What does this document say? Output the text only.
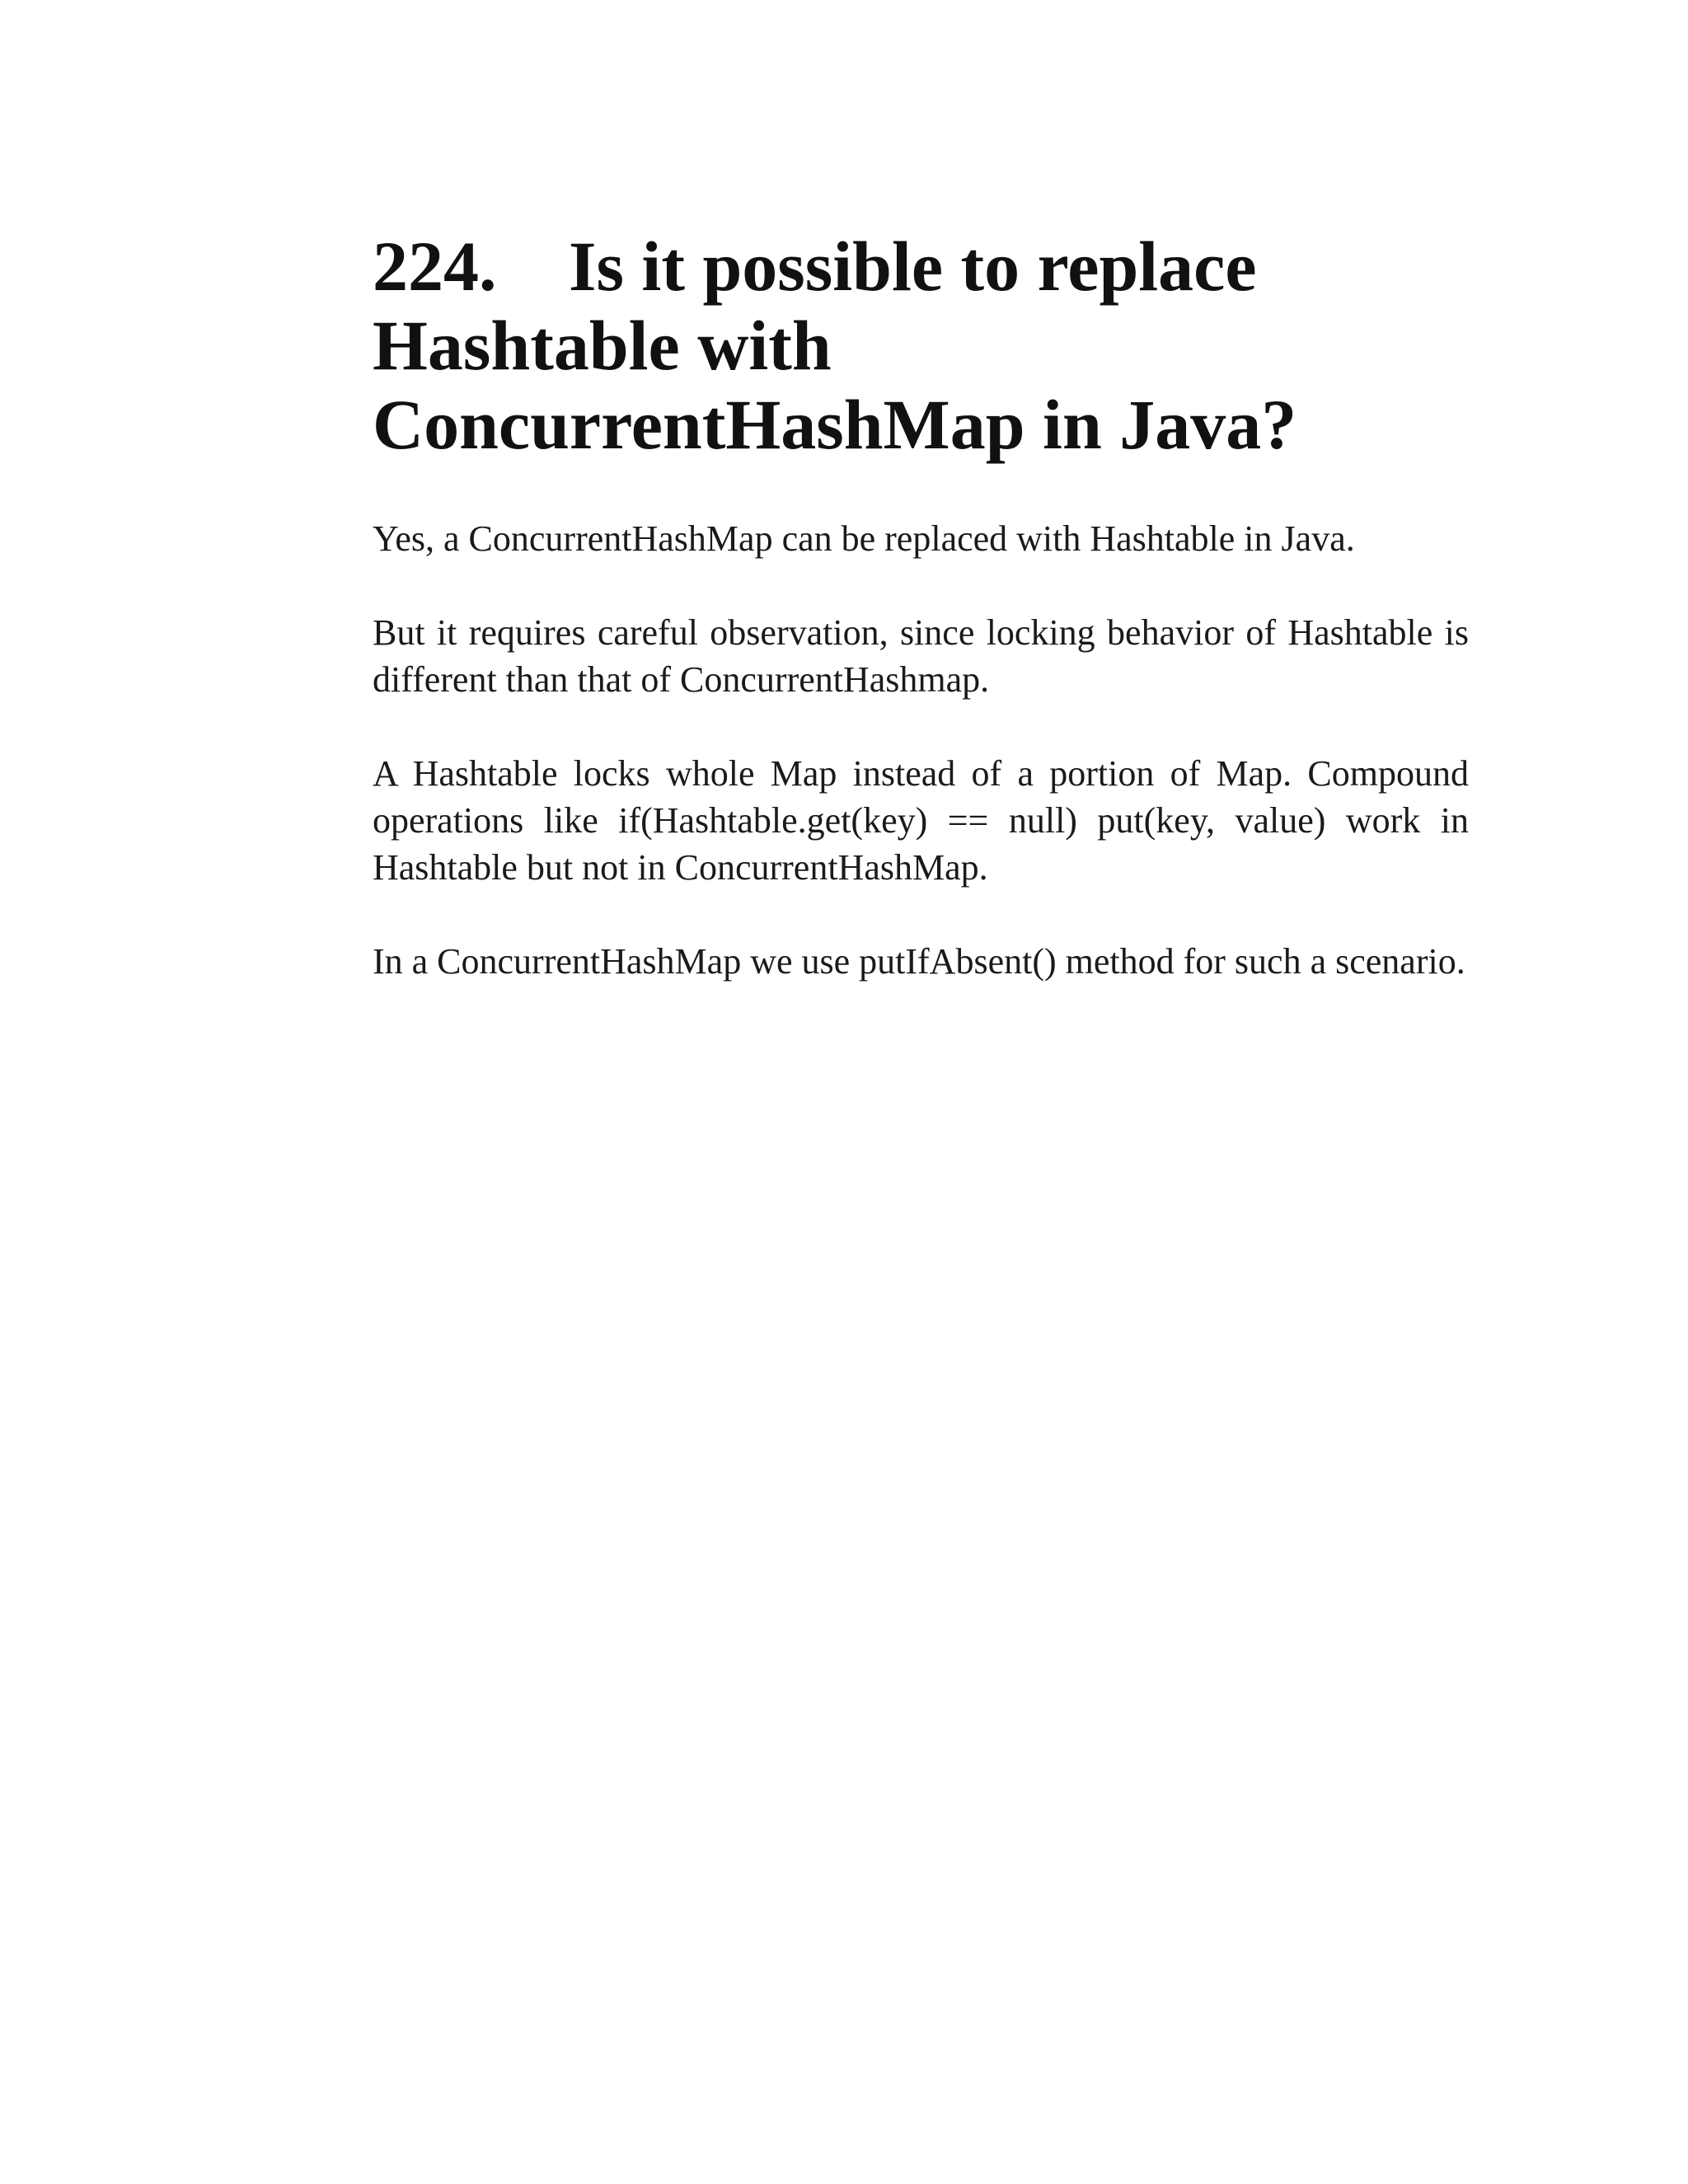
224. Is it possible to replace Hashtable with ConcurrentHashMap in Java?

Yes, a ConcurrentHashMap can be replaced with Hashtable in Java.

But it requires careful observation, since locking behavior of Hashtable is different than that of ConcurrentHashmap.

A Hashtable locks whole Map instead of a portion of Map. Compound operations like if(Hashtable.get(key) == null) put(key, value) work in Hashtable but not in ConcurrentHashMap.

In a ConcurrentHashMap we use putIfAbsent() method for such a scenario.
